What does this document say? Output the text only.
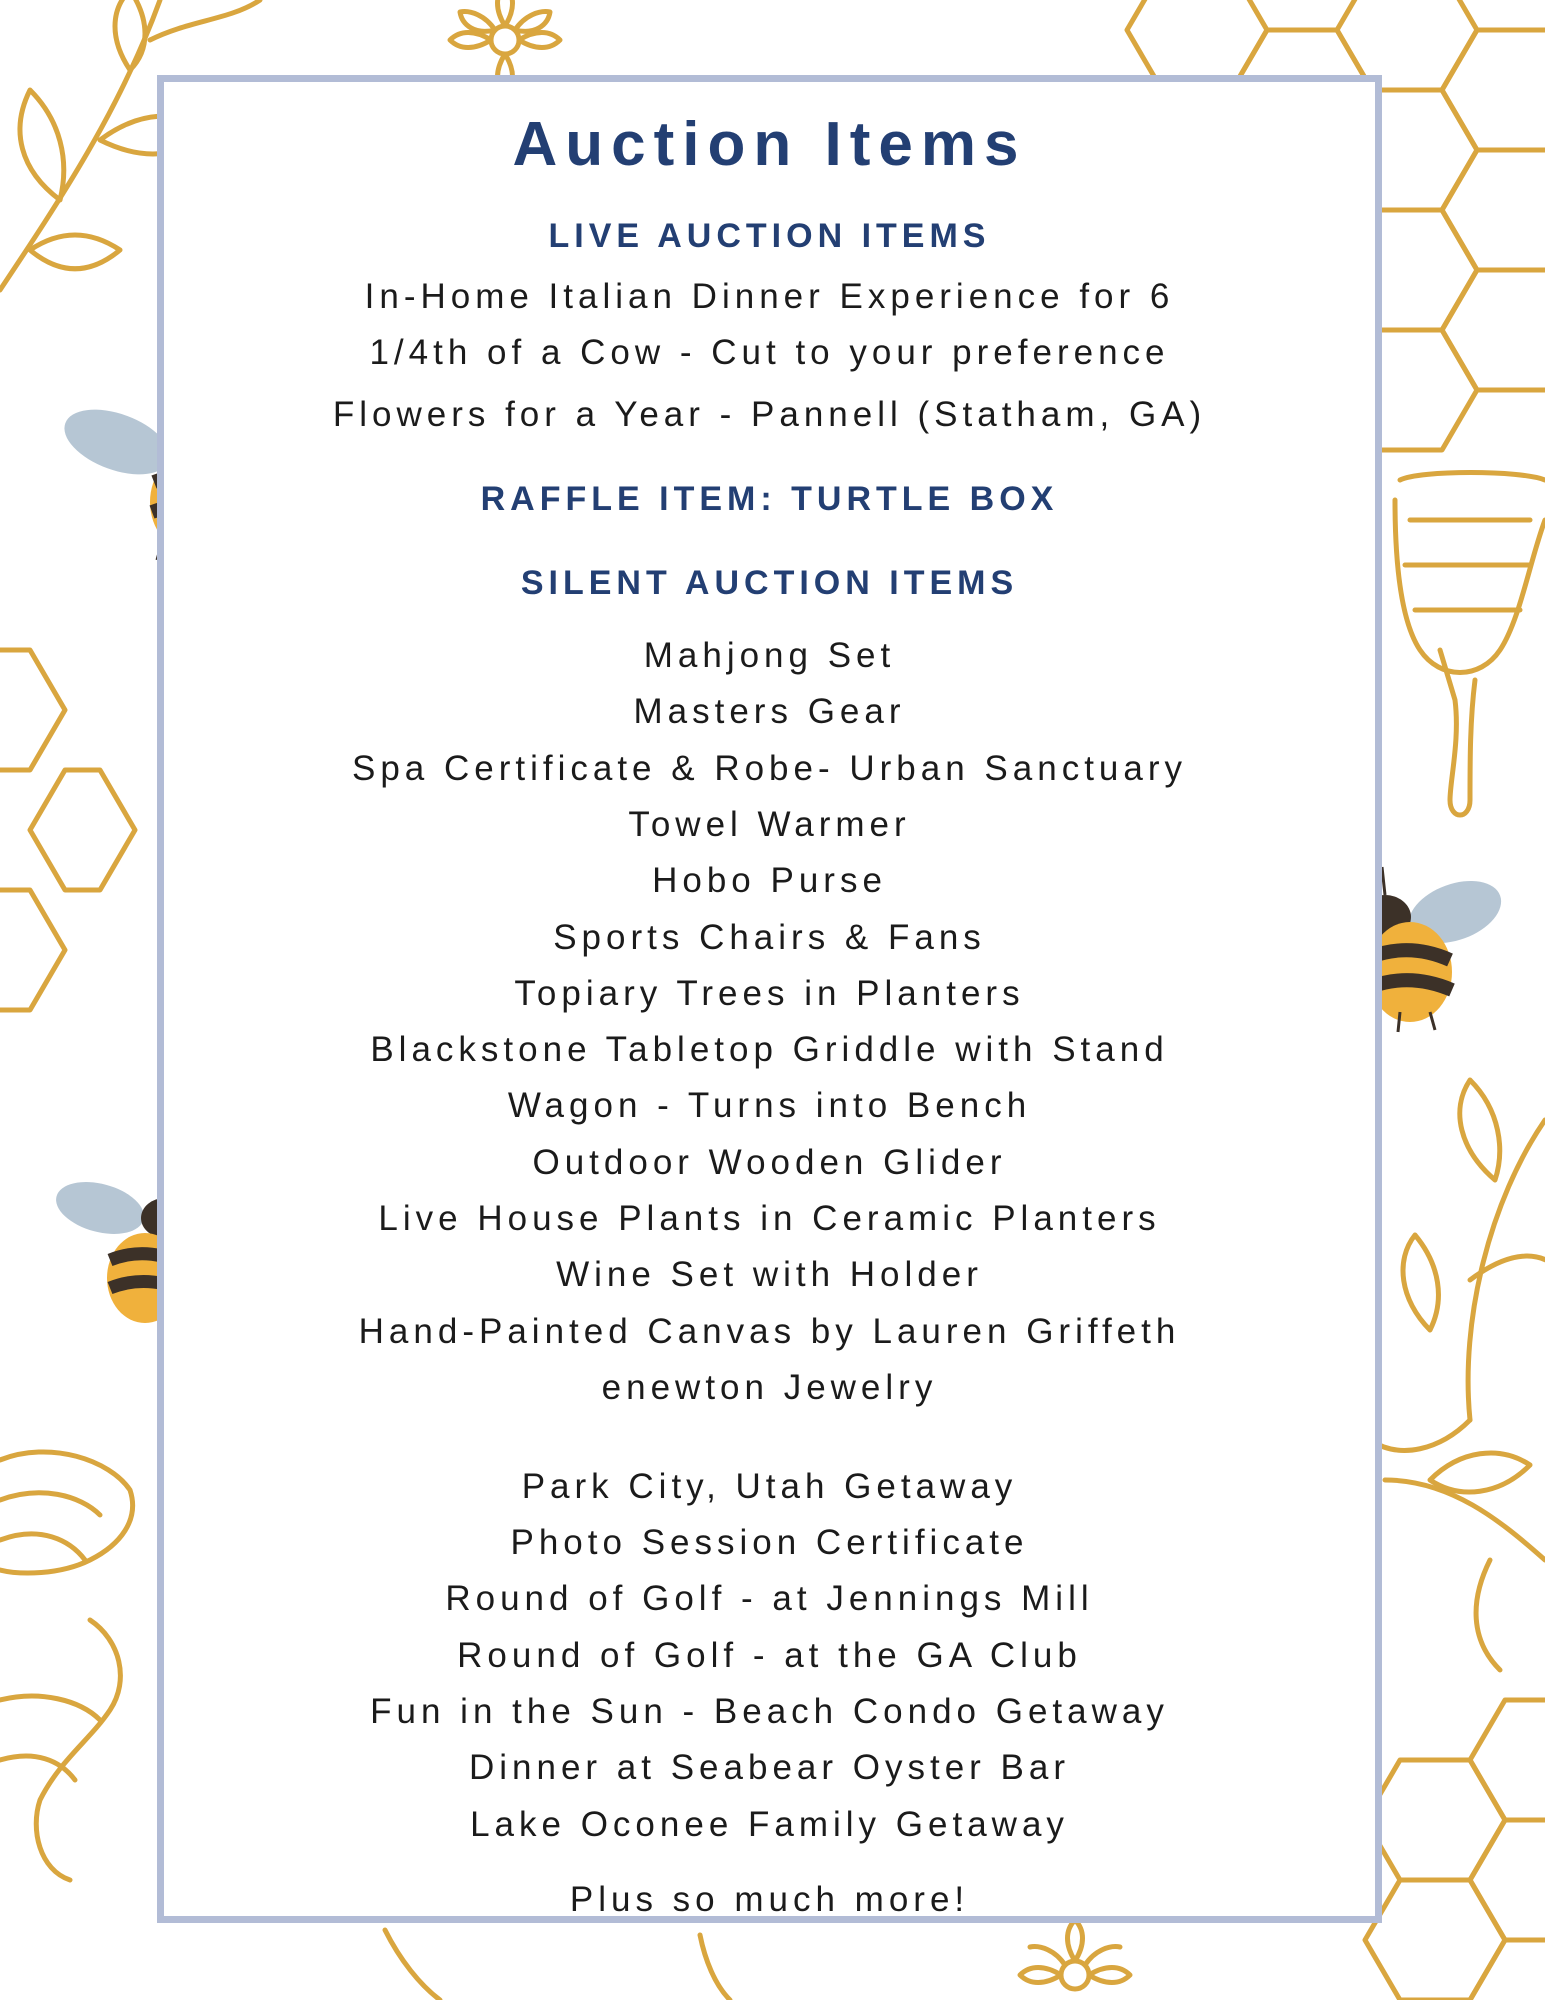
Auction Items
LIVE AUCTION ITEMS
In-Home Italian Dinner Experience for 6
1/4th of a Cow - Cut to your preference
Flowers for a Year - Pannell (Statham, GA)
RAFFLE ITEM: TURTLE BOX
SILENT AUCTION ITEMS
Mahjong Set
Masters Gear
Spa Certificate & Robe- Urban Sanctuary
Towel Warmer
Hobo Purse
Sports Chairs & Fans
Topiary Trees in Planters
Blackstone Tabletop Griddle with Stand
Wagon - Turns into Bench
Outdoor Wooden Glider
Live House Plants in Ceramic Planters
Wine Set with Holder
Hand-Painted Canvas by Lauren Griffeth
enewton Jewelry
Park City, Utah Getaway
Photo Session Certificate
Round of Golf - at Jennings Mill
Round of Golf - at the GA Club
Fun in the Sun - Beach Condo Getaway
Dinner at Seabear Oyster Bar
Lake Oconee Family Getaway
Plus so much more!
